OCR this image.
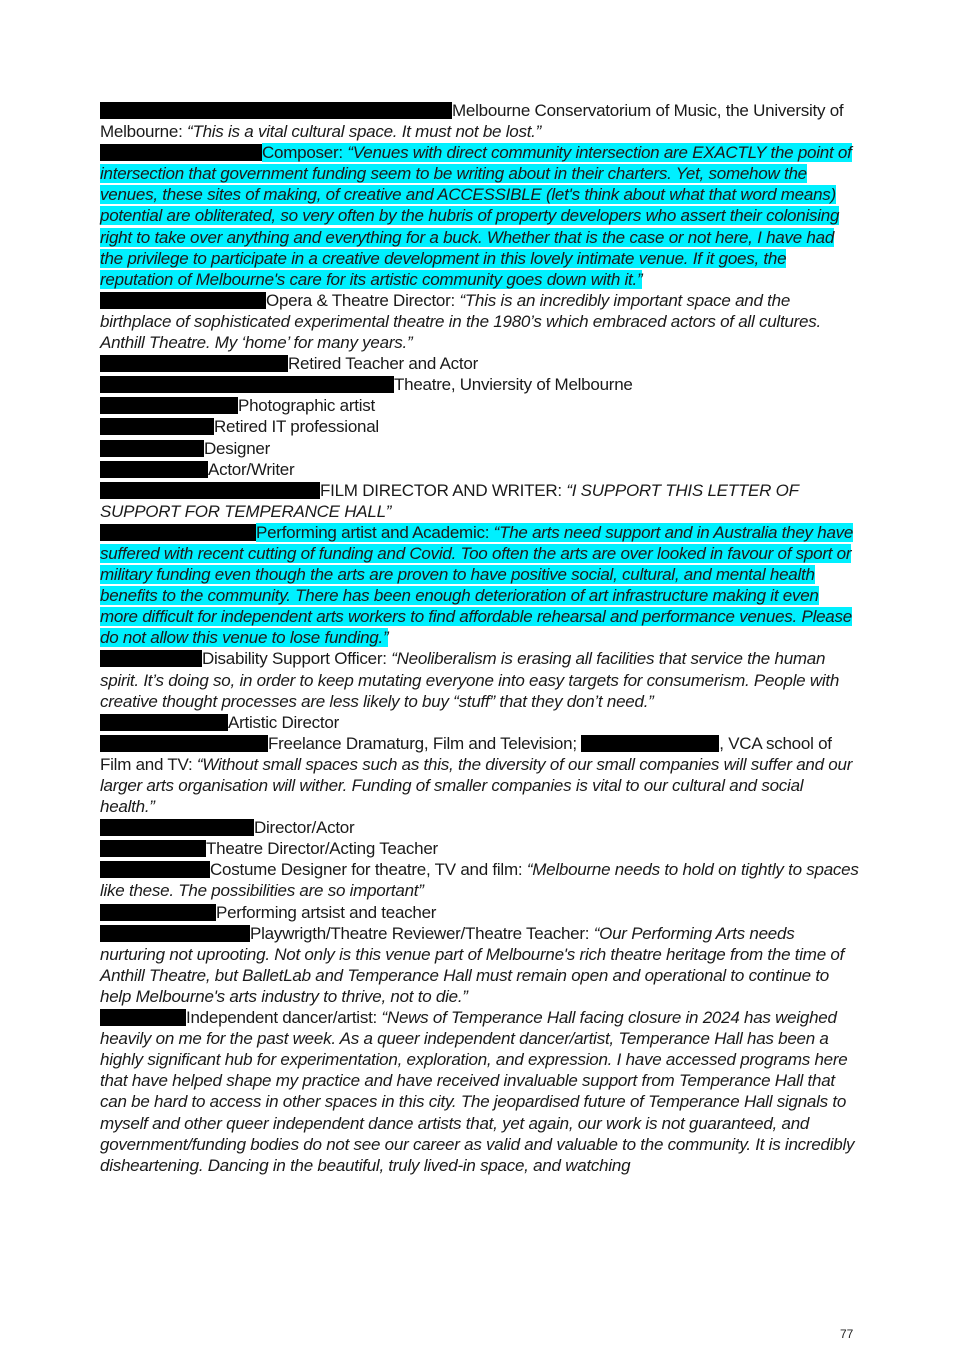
Melbourne Conservatorium of Music, the University of Melbourne: “This is a vital cultural space. It must not be lost.”

Composer: “Venues with direct community intersection are EXACTLY the point of intersection that government funding seem to be writing about in their charters. Yet, somehow the venues, these sites of making, of creative and ACCESSIBLE (let's think about what that word means) potential are obliterated, so very often by the hubris of property developers who assert their colonising right to take over anything and everything for a buck. Whether that is the case or not here, I have had the privilege to participate in a creative development in this lovely intimate venue. If it goes, the reputation of Melbourne's care for its artistic community goes down with it.”

Opera & Theatre Director: “This is an incredibly important space and the birthplace of sophisticated experimental theatre in the 1980’s which embraced actors of all cultures. Anthill Theatre. My ‘home’ for many years.”

Retired Teacher and Actor

Theatre, Unviersity of Melbourne

Photographic artist

Retired IT professional

Designer

Actor/Writer

FILM DIRECTOR AND WRITER: “I SUPPORT THIS LETTER OF SUPPORT FOR TEMPERANCE HALL”

Performing artist and Academic: “The arts need support and in Australia they have suffered with recent cutting of funding and Covid. Too often the arts are over looked in favour of sport or military funding even though the arts are proven to have positive social, cultural, and mental health benefits to the community. There has been enough deterioration of art infrastructure making it even more difficult for independent arts workers to find affordable rehearsal and performance venues. Please do not allow this venue to lose funding.”

Disability Support Officer: “Neoliberalism is erasing all facilities that service the human spirit. It’s doing so, in order to keep mutating everyone into easy targets for consumerism. People with creative thought processes are less likely to buy “stuff” that they don’t need.”

Artistic Director

Freelance Dramaturg, Film and Television;	, VCA school of Film and TV: “Without small spaces such as this, the diversity of our small companies will suffer and our larger arts organisation will wither. Funding of smaller companies is vital to our cultural and social health.”

Director/Actor

Theatre Director/Acting Teacher

Costume Designer for theatre, TV and film: “Melbourne needs to hold on tightly to spaces like these. The possibilities are so important”

Performing artsist and teacher

Playwrigth/Theatre Reviewer/Theatre Teacher: “Our Performing Arts needs nurturing not uprooting. Not only is this venue part of Melbourne's rich theatre heritage from the time of Anthill Theatre, but BalletLab and Temperance Hall must remain open and operational to continue to help Melbourne's arts industry to thrive, not to die.”

Independent dancer/artist: “News of Temperance Hall facing closure in 2024 has weighed heavily on me for the past week. As a queer independent dancer/artist, Temperance Hall has been a highly significant hub for experimentation, exploration, and expression. I have accessed programs here that have helped shape my practice and have received invaluable support from Temperance Hall that can be hard to access in other spaces in this city. The jeopardised future of Temperance Hall signals to myself and other queer independent dance artists that, yet again, our work is not guaranteed, and government/funding bodies do not see our career as valid and valuable to the community. It is incredibly disheartening. Dancing in the beautiful, truly lived-in space, and watching

77
